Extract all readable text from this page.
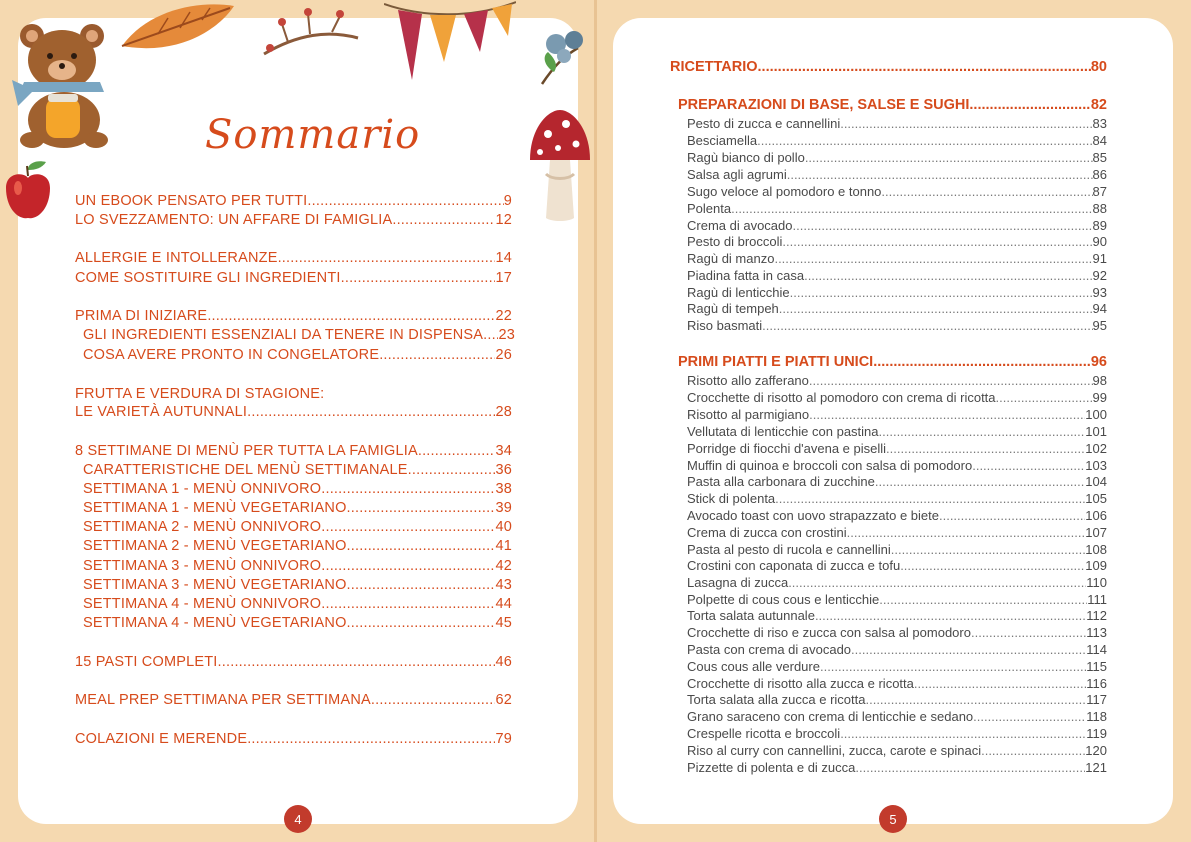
Sommario
UN EBOOK PENSATO PER TUTTI .....	9
LO SVEZZAMENTO: UN AFFARE DI FAMIGLIA .....	12
ALLERGIE E INTOLLERANZE .....	14
COME SOSTITUIRE GLI INGREDIENTI .....	17
PRIMA DI INIZIARE .....	22
GLI INGREDIENTI ESSENZIALI DA TENERE IN DISPENSA ..... 23
COSA AVERE PRONTO IN CONGELATORE .....	26
FRUTTA E VERDURA DI STAGIONE:
LE VARIETÀ AUTUNNALI .....	28
8 SETTIMANE DI MENÙ PER TUTTA LA FAMIGLIA .....	34
CARATTERISTICHE DEL MENÙ SETTIMANALE .....	36
SETTIMANA 1 - MENÙ ONNIVORO .....	38
SETTIMANA 1 - MENÙ VEGETARIANO .....	39
SETTIMANA 2 - MENÙ ONNIVORO .....	40
SETTIMANA 2 - MENÙ VEGETARIANO .....	41
SETTIMANA 3 - MENÙ ONNIVORO .....	42
SETTIMANA 3 - MENÙ VEGETARIANO .....	43
SETTIMANA 4 - MENÙ ONNIVORO .....	44
SETTIMANA 4 - MENÙ VEGETARIANO .....	45
15 PASTI COMPLETI .....	46
MEAL PREP SETTIMANA PER SETTIMANA .....	62
COLAZIONI E MERENDE .....	79
4
RICETTARIO .....	80
PREPARAZIONI DI BASE, SALSE E SUGHI .....	82
Pesto di zucca e cannellini .....	83
Besciamella .....	84
Ragù bianco di pollo .....	85
Salsa agli agrumi .....	86
Sugo veloce al pomodoro e tonno .....	87
Polenta .....	88
Crema di avocado .....	89
Pesto di broccoli .....	90
Ragù di manzo .....	91
Piadina fatta in casa .....	92
Ragù di lenticchie .....	93
Ragù di tempeh .....	94
Riso basmati .....	95
PRIMI PIATTI E PIATTI UNICI .....	96
Risotto allo zafferano .....	98
Crocchette di risotto al pomodoro con crema di ricotta .....	99
Risotto al parmigiano .....	100
Vellutata di lenticchie con pastina .....	101
Porridge di fiocchi d'avena e piselli .....	102
Muffin di quinoa e broccoli con salsa di pomodoro .....	103
Pasta alla carbonara di zucchine .....	104
Stick di polenta .....	105
Avocado toast con uovo strapazzato e biete .....	106
Crema di zucca con crostini .....	107
Pasta al pesto di rucola e cannellini .....	108
Crostini con caponata di zucca e tofu .....	109
Lasagna di zucca .....	110
Polpette di cous cous e lenticchie .....	111
Torta salata autunnale .....	112
Crocchette di riso e zucca con salsa al pomodoro .....	113
Pasta con crema di avocado .....	114
Cous cous alle verdure .....	115
Crocchette di risotto alla zucca e ricotta .....	116
Torta salata alla zucca e ricotta .....	117
Grano saraceno con crema di lenticchie e sedano .....	118
Crespelle ricotta e broccoli .....	119
Riso al curry con cannellini, zucca, carote e spinaci .....	120
Pizzette di polenta e di zucca .....	121
5
